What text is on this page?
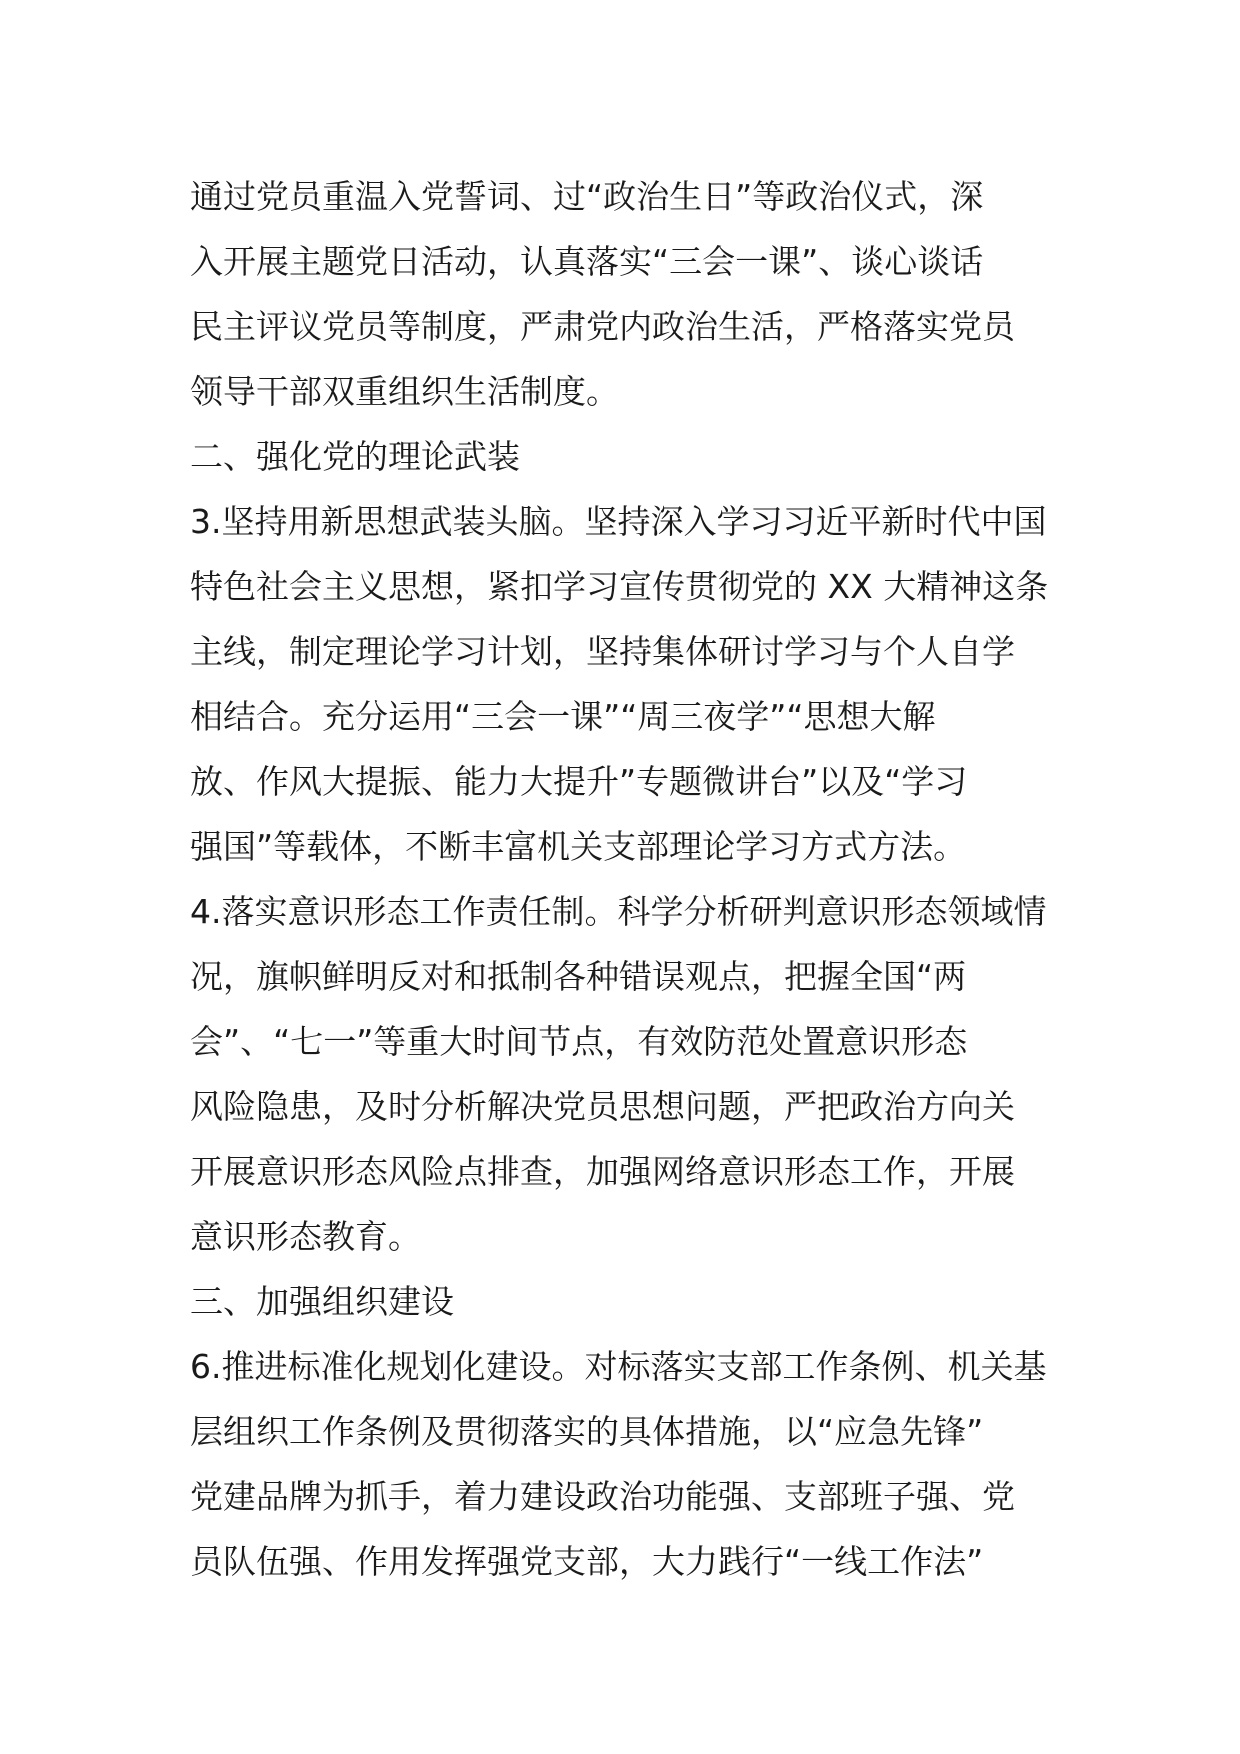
通过党员重温入党誓词、过“政治生日”等政治仪式，深
入开展主题党日活动，认真落实“三会一课”、谈心谈话
民主评议党员等制度，严肃党内政治生活，严格落实党员
领导干部双重组织生活制度。
二、强化党的理论武装
3.坚持用新思想武装头脑。坚持深入学习习近平新时代中国
特色社会主义思想，紧扣学习宣传贯彻党的 XX 大精神这条
主线，制定理论学习计划，坚持集体研讨学习与个人自学
相结合。充分运用“三会一课”“周三夜学”“思想大解
放、作风大提振、能力大提升”专题微讲台”以及“学习
强国”等载体，不断丰富机关支部理论学习方式方法。
4.落实意识形态工作责任制。科学分析研判意识形态领域情
况，旗帜鲜明反对和抵制各种错误观点，把握全国“两
会”、“七一”等重大时间节点，有效防范处置意识形态
风险隐患，及时分析解决党员思想问题，严把政治方向关
开展意识形态风险点排查，加强网络意识形态工作，开展
意识形态教育。
三、加强组织建设
6.推进标准化规划化建设。对标落实支部工作条例、机关基
层组织工作条例及贯彻落实的具体措施，以“应急先锋”
党建品牌为抓手，着力建设政治功能强、支部班子强、党
员队伍强、作用发挥强党支部，大力践行“一线工作法”
